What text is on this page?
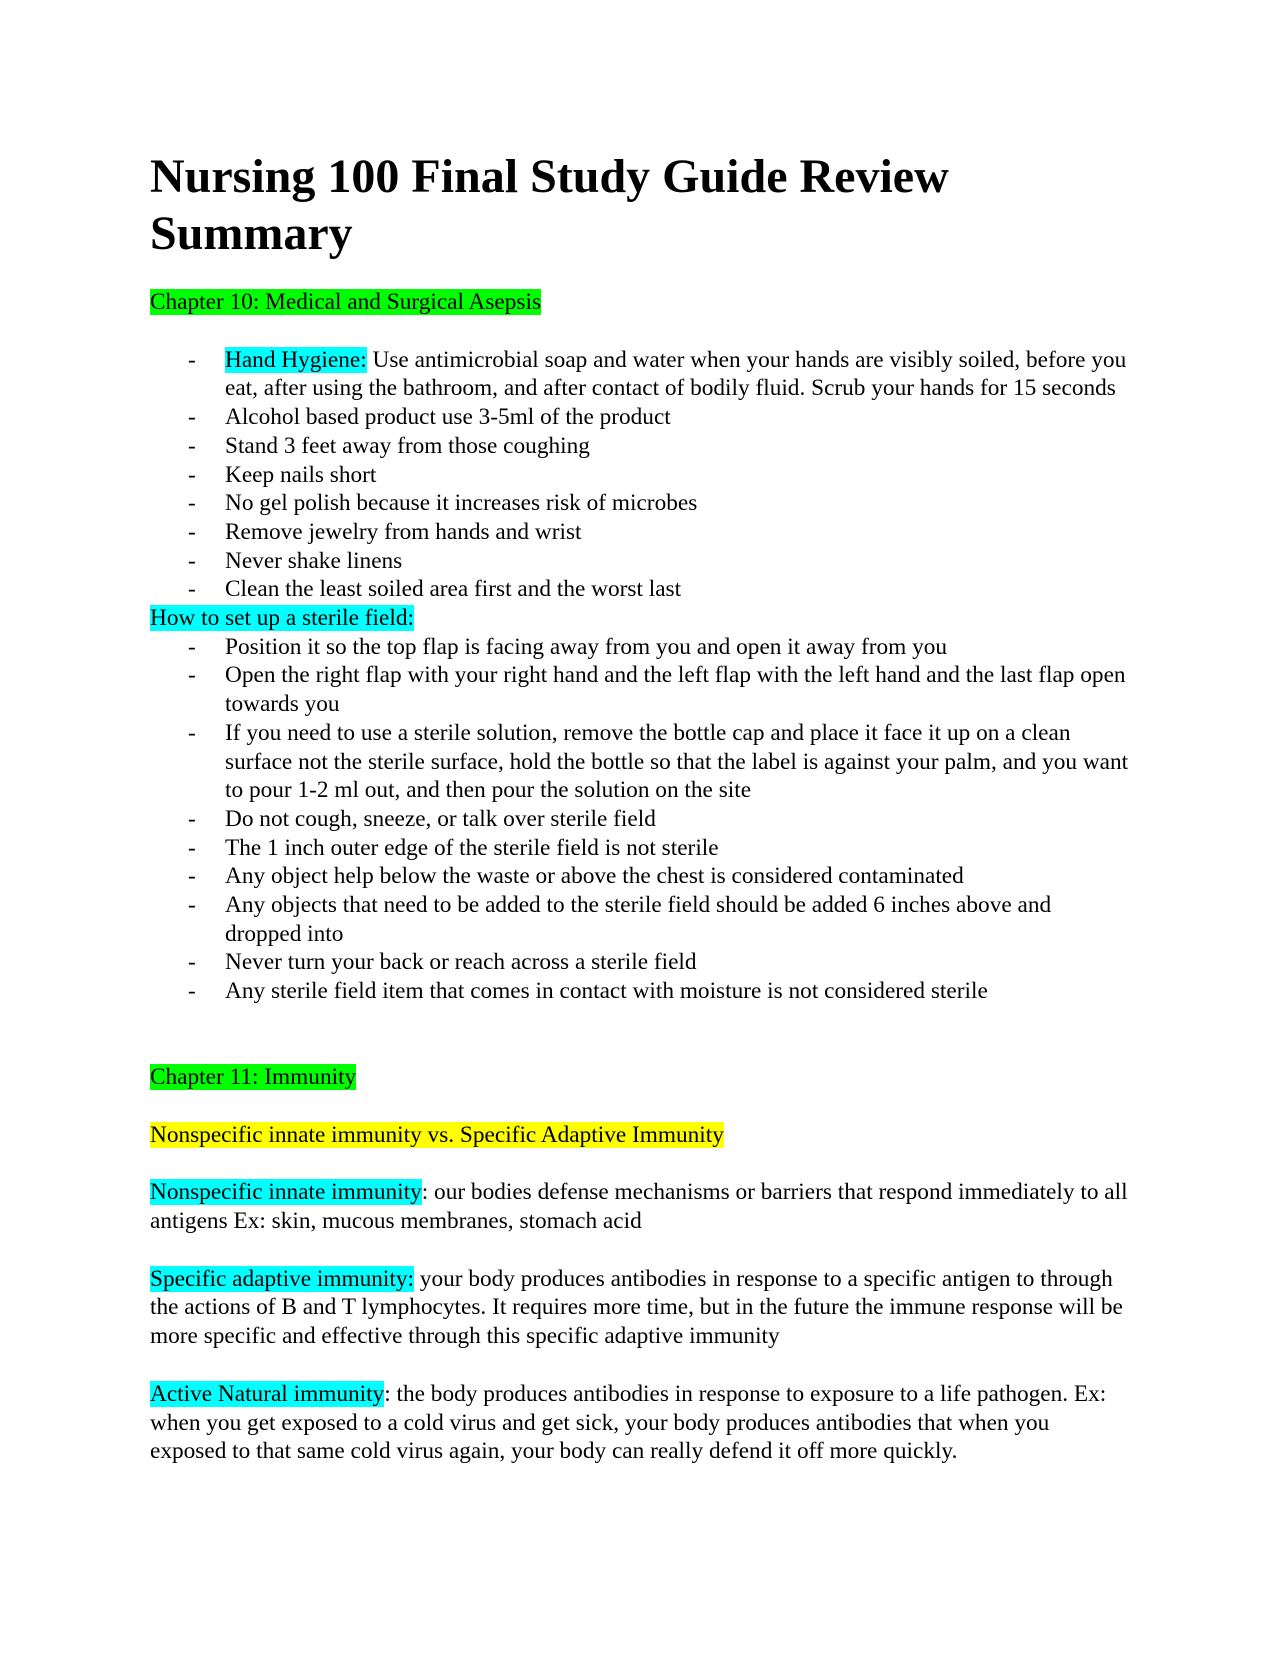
Nursing 100 Final Study Guide Review Summary

Chapter 10: Medical and Surgical Asepsis

- Hand Hygiene: Use antimicrobial soap and water when your hands are visibly soiled, before you eat, after using the bathroom, and after contact of bodily fluid. Scrub your hands for 15 seconds
- Alcohol based product use 3-5ml of the product
- Stand 3 feet away from those coughing
- Keep nails short
- No gel polish because it increases risk of microbes
- Remove jewelry from hands and wrist
- Never shake linens
- Clean the least soiled area first and the worst last

How to set up a sterile field:

- Position it so the top flap is facing away from you and open it away from you
- Open the right flap with your right hand and the left flap with the left hand and the last flap open towards you
- If you need to use a sterile solution, remove the bottle cap and place it face it up on a clean surface not the sterile surface, hold the bottle so that the label is against your palm, and you want to pour 1-2 ml out, and then pour the solution on the site
- Do not cough, sneeze, or talk over sterile field
- The 1 inch outer edge of the sterile field is not sterile
- Any object help below the waste or above the chest is considered contaminated
- Any objects that need to be added to the sterile field should be added 6 inches above and dropped into
- Never turn your back or reach across a sterile field
- Any sterile field item that comes in contact with moisture is not considered sterile

Chapter 11: Immunity

Nonspecific innate immunity vs. Specific Adaptive Immunity

Nonspecific innate immunity: our bodies defense mechanisms or barriers that respond immediately to all antigens Ex: skin, mucous membranes, stomach acid

Specific adaptive immunity: your body produces antibodies in response to a specific antigen to through the actions of B and T lymphocytes. It requires more time, but in the future the immune response will be more specific and effective through this specific adaptive immunity

Active Natural immunity: the body produces antibodies in response to exposure to a life pathogen. Ex: when you get exposed to a cold virus and get sick, your body produces antibodies that when you exposed to that same cold virus again, your body can really defend it off more quickly.
